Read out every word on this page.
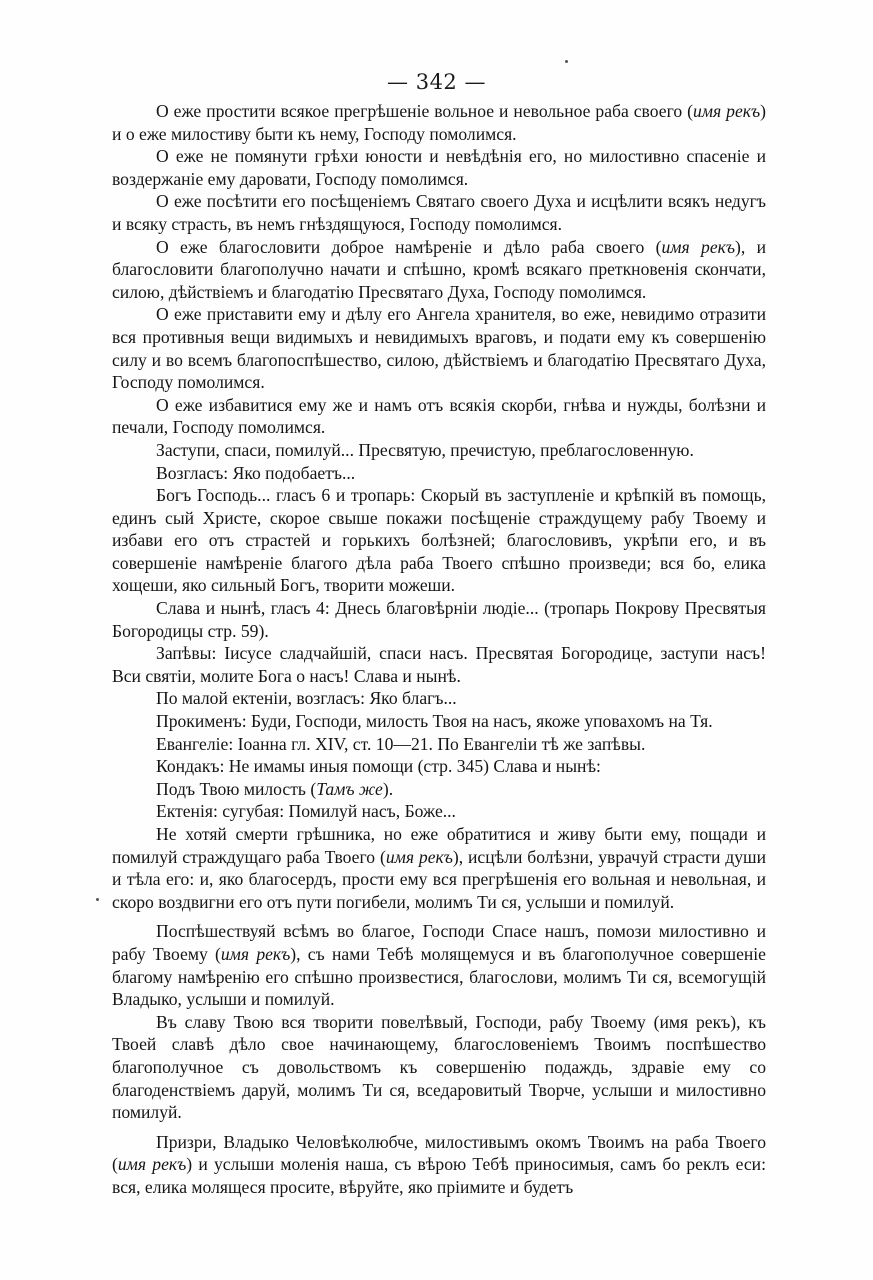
— 342 —

О еже простити всякое прегрѣшеніе вольное и невольное раба своего (имя рекъ) и о еже милостиву быти къ нему, Господу помолимся.

О еже не помянути грѣхи юности и невѣдѣнія его, но милостивно спасеніе и воздержаніе ему даровати, Господу помолимся.

О еже посѣтити его посѣщеніемъ Святаго своего Духа и исцѣлити всякъ недугъ и всяку страсть, въ немъ гнѣздящуюся, Господу помолимся.

О еже благословити доброе намѣреніе и дѣло раба своего (имя рекъ), и благословити благополучно начати и спѣшно, кромѣ всякаго преткновенія скончати, силою, дѣйствіемъ и благодатію Пресвятаго Духа, Господу помолимся.

О еже приставити ему и дѣлу его Ангела хранителя, во еже, невидимо отразити вся противныя вещи видимыхъ и невидимыхъ враговъ, и подати ему къ совершенію силу и во всемъ благопоспѣшество, силою, дѣйствіемъ и благодатію Пресвятаго Духа, Господу помолимся.

О еже избавитися ему же и намъ отъ всякія скорби, гнѣва и нужды, болѣзни и печали, Господу помолимся.

Заступи, спаси, помилуй... Пресвятую, пречистую, преблагословенную.

Возгласъ: Яко подобаетъ...

Богъ Господь... гласъ 6 и тропарь: Скорый въ заступленіе и крѣпкій въ помощь, единъ сый Христе, скорое свыше покажи посѣщеніе страждущему рабу Твоему и избави его отъ страстей и горькихъ болѣзней; благословивъ, укрѣпи его, и въ совершеніе намѣреніе благого дѣла раба Твоего спѣшно произведи; вся бо, елика хощеши, яко сильный Богъ, творити можеши.

Слава и нынѣ, гласъ 4: Днесь благовѣрніи людіе... (тропарь Покрову Пресвятыя Богородицы стр. 59).

Запѣвы: Іисусе сладчайшій, спаси насъ. Пресвятая Богородице, заступи насъ! Вси святіи, молите Бога о насъ! Слава и нынѣ.

По малой ектеніи, возгласъ: Яко благъ...

Прокименъ: Буди, Господи, милость Твоя на насъ, якоже уповахомъ на Тя.

Евангеліе: Іоанна гл. XIV, ст. 10—21. По Евангеліи тѣ же запѣвы.

Кондакъ: Не имамы иныя помощи (стр. 345) Слава и нынѣ:

Подъ Твою милость (Тамъ же).

Ектенія: сугубая: Помилуй насъ, Боже...

Не хотяй смерти грѣшника, но еже обратитися и живу быти ему, пощади и помилуй страждущаго раба Твоего (имя рекъ), исцѣли болѣзни, уврачуй страсти души и тѣла его: и, яко благосердъ, прости ему вся прегрѣшенія его вольная и невольная, и скоро воздвигни его отъ пути погибели, молимъ Ти ся, услыши и помилуй.

Поспѣшествуяй всѣмъ во благое, Господи Спасе нашъ, помози милостивно и рабу Твоему (имя рекъ), съ нами Тебѣ молящемуся и въ благополучное совершеніе благому намѣренію его спѣшно произвестися, благослови, молимъ Ти ся, всемогущій Владыко, услыши и помилуй.

Въ славу Твою вся творити повелѣвый, Господи, рабу Твоему (имя рекъ), къ Твоей славѣ дѣло свое начинающему, благословеніемъ Твоимъ поспѣшество благополучное съ довольствомъ къ совершенію подаждь, здравіе ему со благоденствіемъ даруй, молимъ Ти ся, вседаровитый Творче, услыши и милостивно помилуй.

Призри, Владыко Человѣколюбче, милостивымъ окомъ Твоимъ на раба Твоего (имя рекъ) и услыши моленія наша, съ вѣрою Тебѣ приносимыя, самъ бо реклъ еси: вся, елика молящеся просите, вѣруйте, яко пріимите и будетъ
